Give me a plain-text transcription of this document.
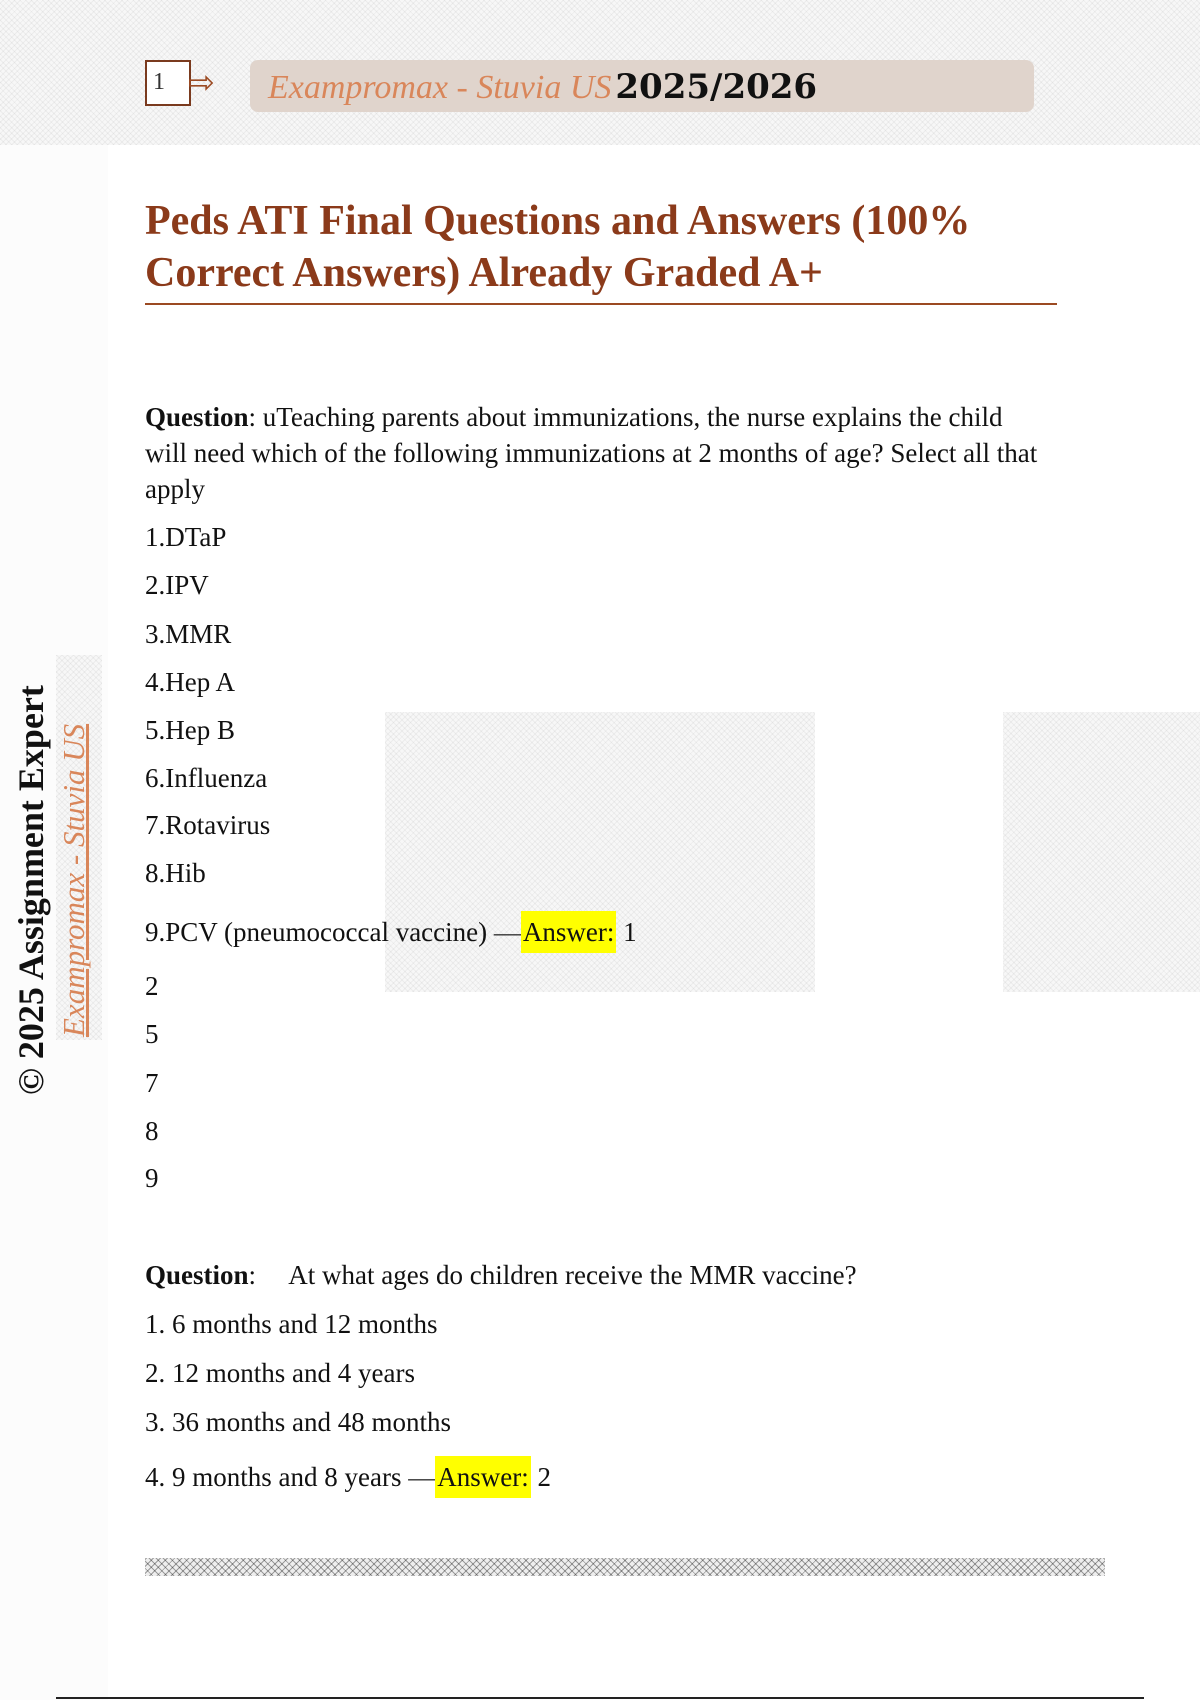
1 ⇨ Exampromax - Stuvia US 2025/2026
© 2025 Assignment Expert Exampromax - Stuvia US
Peds ATI Final Questions and Answers (100%
Correct Answers) Already Graded A+

Question: uTeaching parents about immunizations, the nurse explains the child will need which of the following immunizations at 2 months of age? Select all that apply

1.DTaP
2.IPV
3.MMR
4.Hep A
5.Hep B
6.Influenza
7.Rotavirus
8.Hib
9.PCV (pneumococcal vaccine) —Answer: 1
2
5
7
8
9

Question:     At what ages do children receive the MMR vaccine?

1. 6 months and 12 months
2. 12 months and 4 years
3. 36 months and 48 months
4. 9 months and 8 years —Answer: 2
